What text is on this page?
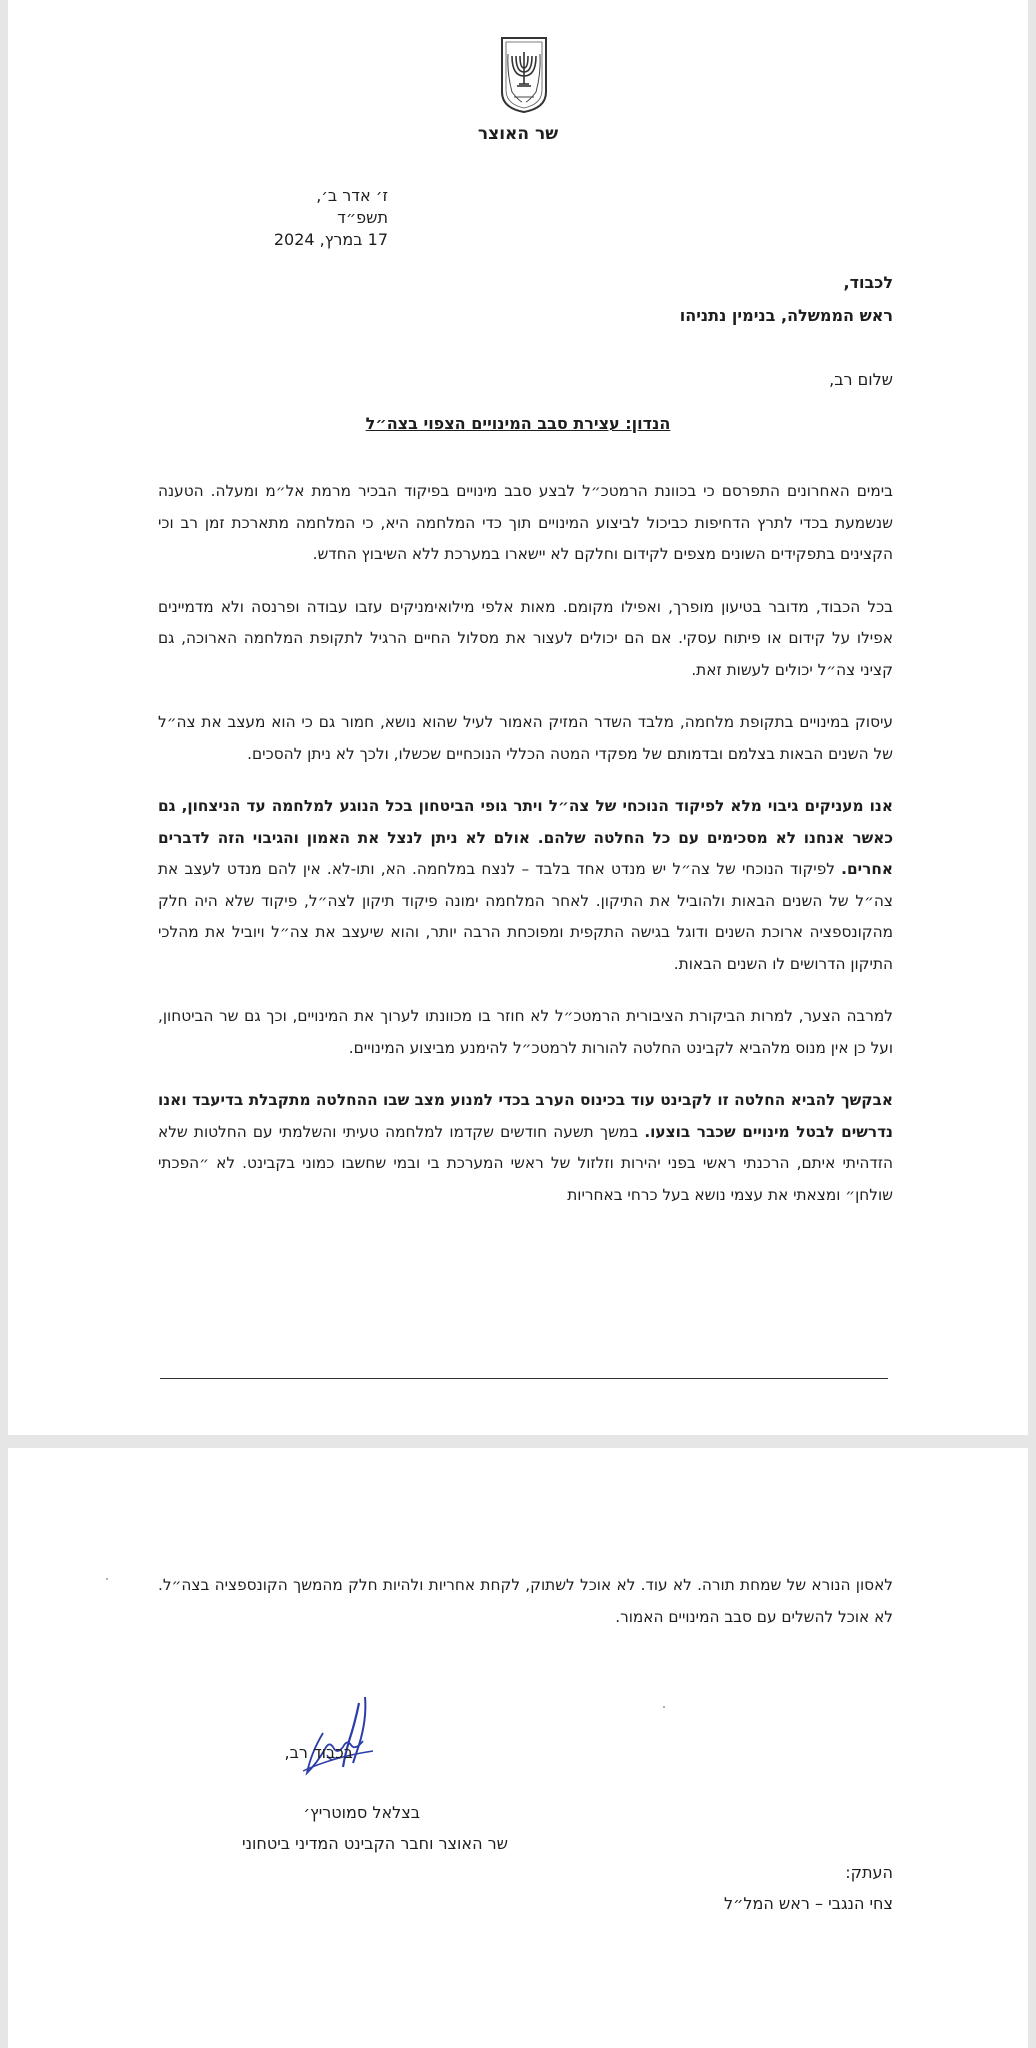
שר האוצר
ז׳ אדר ב׳, תשפ״ד
17 במרץ, 2024
לכבוד,
ראש הממשלה, בנימין נתניהו
שלום רב,
הנדון: עצירת סבב המינויים הצפוי בצה״ל

בימים האחרונים התפרסם כי בכוונת הרמטכ״ל לבצע סבב מינויים בפיקוד הבכיר מרמת אל״מ ומעלה. הטענה שנשמעת בכדי לתרץ הדחיפות כביכול לביצוע המינויים תוך כדי המלחמה היא, כי המלחמה מתארכת זמן רב וכי הקצינים בתפקידים השונים מצפים לקידום וחלקם לא יישארו במערכת ללא השיבוץ החדש.

בכל הכבוד, מדובר בטיעון מופרך, ואפילו מקומם. מאות אלפי מילואימניקים עזבו עבודה ופרנסה ולא מדמיינים אפילו על קידום או פיתוח עסקי. אם הם יכולים לעצור את מסלול החיים הרגיל לתקופת המלחמה הארוכה, גם קציני צה״ל יכולים לעשות זאת.

עיסוק במינויים בתקופת מלחמה, מלבד השדר המזיק האמור לעיל שהוא נושא, חמור גם כי הוא מעצב את צה״ל של השנים הבאות בצלמם ובדמותם של מפקדי המטה הכללי הנוכחיים שכשלו, ולכך לא ניתן להסכים.

אנו מעניקים גיבוי מלא לפיקוד הנוכחי של צה״ל ויתר גופי הביטחון בכל הנוגע למלחמה עד הניצחון, גם כאשר אנחנו לא מסכימים עם כל החלטה שלהם. אולם לא ניתן לנצל את האמון והגיבוי הזה לדברים אחרים. לפיקוד הנוכחי של צה״ל יש מנדט אחד בלבד – לנצח במלחמה. הא, ותו-לא. אין להם מנדט לעצב את צה״ל של השנים הבאות ולהוביל את התיקון. לאחר המלחמה ימונה פיקוד תיקון לצה״ל, פיקוד שלא היה חלק מהקונספציה ארוכת השנים ודוגל בגישה התקפית ומפוכחת הרבה יותר, והוא שיעצב את צה״ל ויוביל את מהלכי התיקון הדרושים לו השנים הבאות.

למרבה הצער, למרות הביקורת הציבורית הרמטכ״ל לא חוזר בו מכוונתו לערוך את המינויים, וכך גם שר הביטחון, ועל כן אין מנוס מלהביא לקבינט החלטה להורות לרמטכ״ל להימנע מביצוע המינויים.

אבקשך להביא החלטה זו לקבינט עוד בכינוס הערב בכדי למנוע מצב שבו ההחלטה מתקבלת בדיעבד ואנו נדרשים לבטל מינויים שכבר בוצעו. במשך תשעה חודשים שקדמו למלחמה טעיתי והשלמתי עם החלטות שלא הזדהיתי איתם, הרכנתי ראשי בפני יהירות וזלזול של ראשי המערכת בי ובמי שחשבו כמוני בקבינט. לא ״הפכתי שולחן״ ומצאתי את עצמי נושא בעל כרחי באחריות

לאסון הנורא של שמחת תורה. לא עוד. לא אוכל לשתוק, לקחת אחריות ולהיות חלק מהמשך הקונספציה בצה״ל. לא אוכל להשלים עם סבב המינויים האמור.

בכבוד רב,
בצלאל סמוטריץ׳
שר האוצר וחבר הקבינט המדיני ביטחוני
העתק:
צחי הנגבי – ראש המל״ל
